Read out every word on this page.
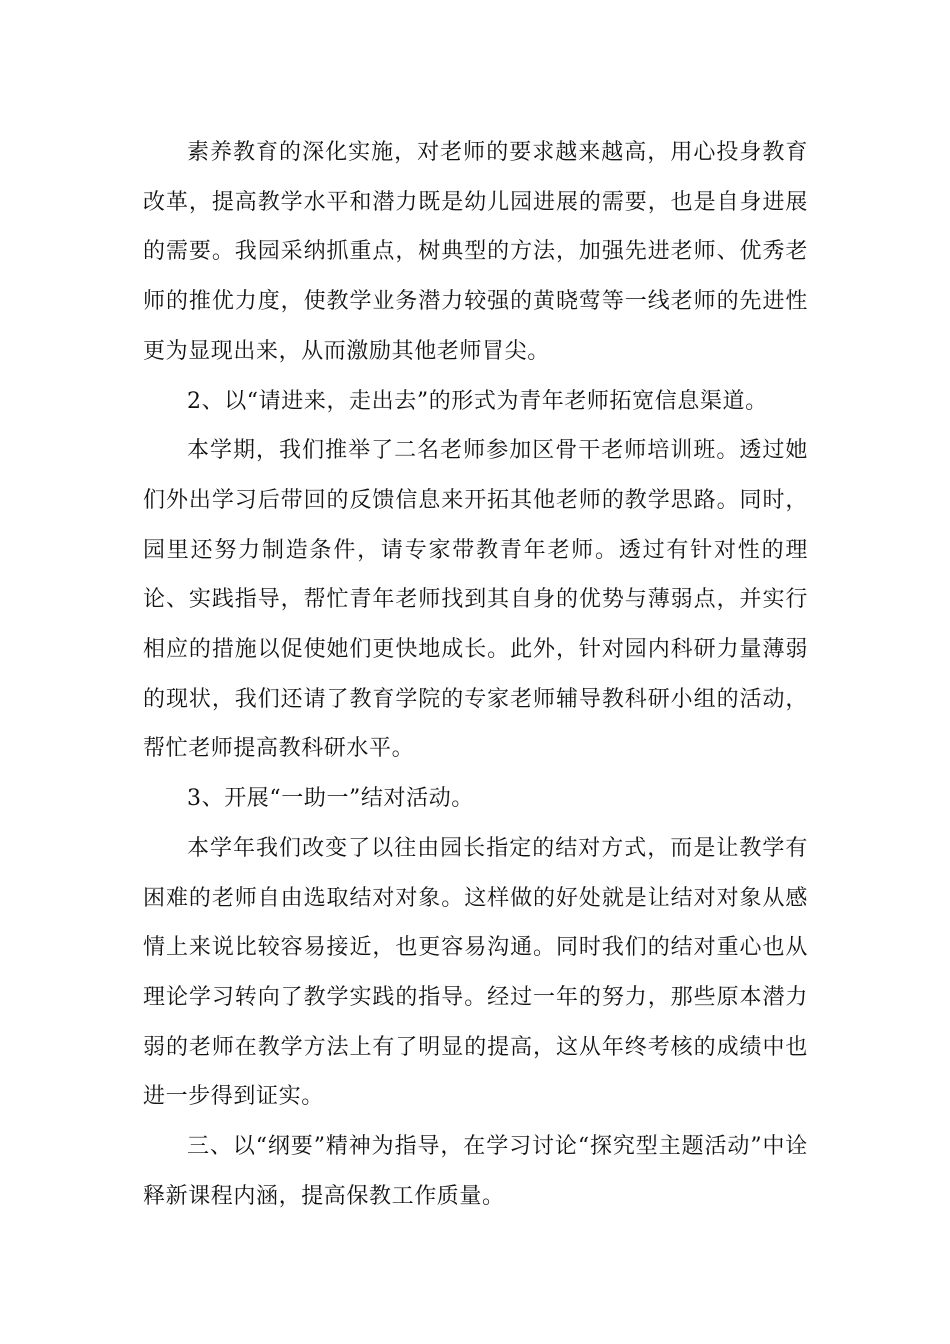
素养教育的深化实施，对老师的要求越来越高，用心投身教育改革，提高教学水平和潜力既是幼儿园进展的需要，也是自身进展的需要。我园采纳抓重点，树典型的方法，加强先进老师、优秀老师的推优力度，使教学业务潜力较强的黄晓莺等一线老师的先进性更为显现出来，从而激励其他老师冒尖。

2、以“请进来，走出去”的形式为青年老师拓宽信息渠道。

本学期，我们推举了二名老师参加区骨干老师培训班。透过她们外出学习后带回的反馈信息来开拓其他老师的教学思路。同时，园里还努力制造条件，请专家带教青年老师。透过有针对性的理论、实践指导，帮忙青年老师找到其自身的优势与薄弱点，并实行相应的措施以促使她们更快地成长。此外，针对园内科研力量薄弱的现状，我们还请了教育学院的专家老师辅导教科研小组的活动，帮忙老师提高教科研水平。

3、开展“一助一”结对活动。

本学年我们改变了以往由园长指定的结对方式，而是让教学有困难的老师自由选取结对对象。这样做的好处就是让结对对象从感情上来说比较容易接近，也更容易沟通。同时我们的结对重心也从理论学习转向了教学实践的指导。经过一年的努力，那些原本潜力弱的老师在教学方法上有了明显的提高，这从年终考核的成绩中也进一步得到证实。

三、以“纲要”精神为指导，在学习讨论“探究型主题活动”中诠释新课程内涵，提高保教工作质量。
